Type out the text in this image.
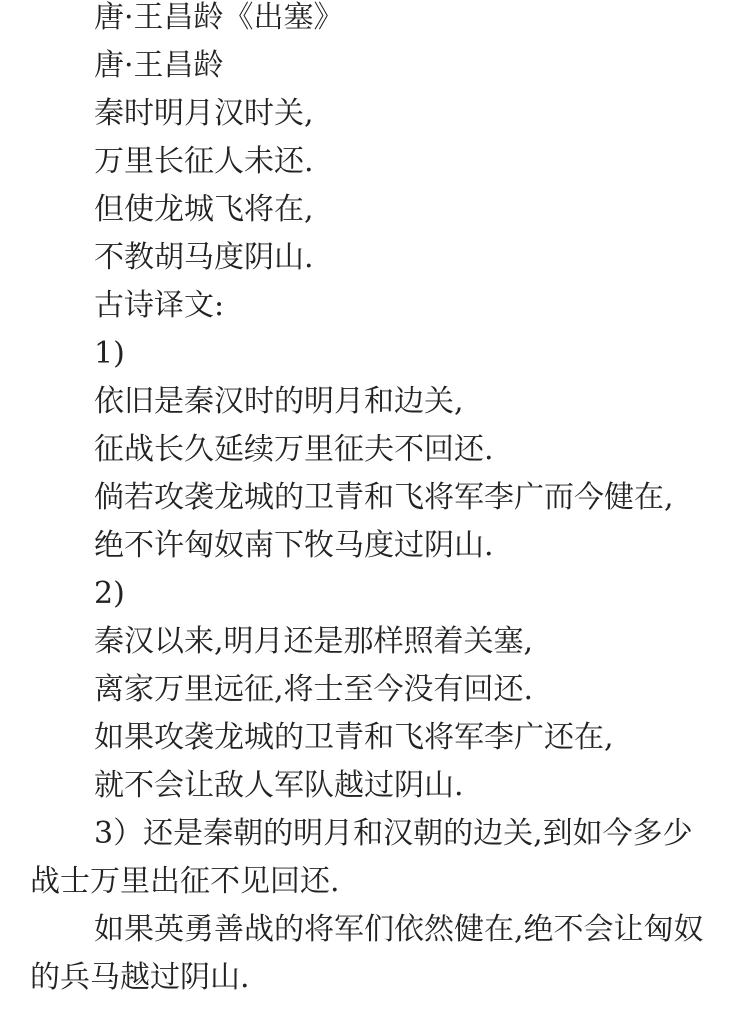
唐·王昌龄《出塞》

唐·王昌龄

秦时明月汉时关,

万里长征人未还.

但使龙城飞将在,

不教胡马度阴山.

古诗译文:

1)

依旧是秦汉时的明月和边关,

征战长久延续万里征夫不回还.

倘若攻袭龙城的卫青和飞将军李广而今健在,

绝不许匈奴南下牧马度过阴山.

2)

秦汉以来,明月还是那样照着关塞,

离家万里远征,将士至今没有回还.

如果攻袭龙城的卫青和飞将军李广还在,

就不会让敌人军队越过阴山.

3）还是秦朝的明月和汉朝的边关,到如今多少战士万里出征不见回还.

如果英勇善战的将军们依然健在,绝不会让匈奴的兵马越过阴山.
